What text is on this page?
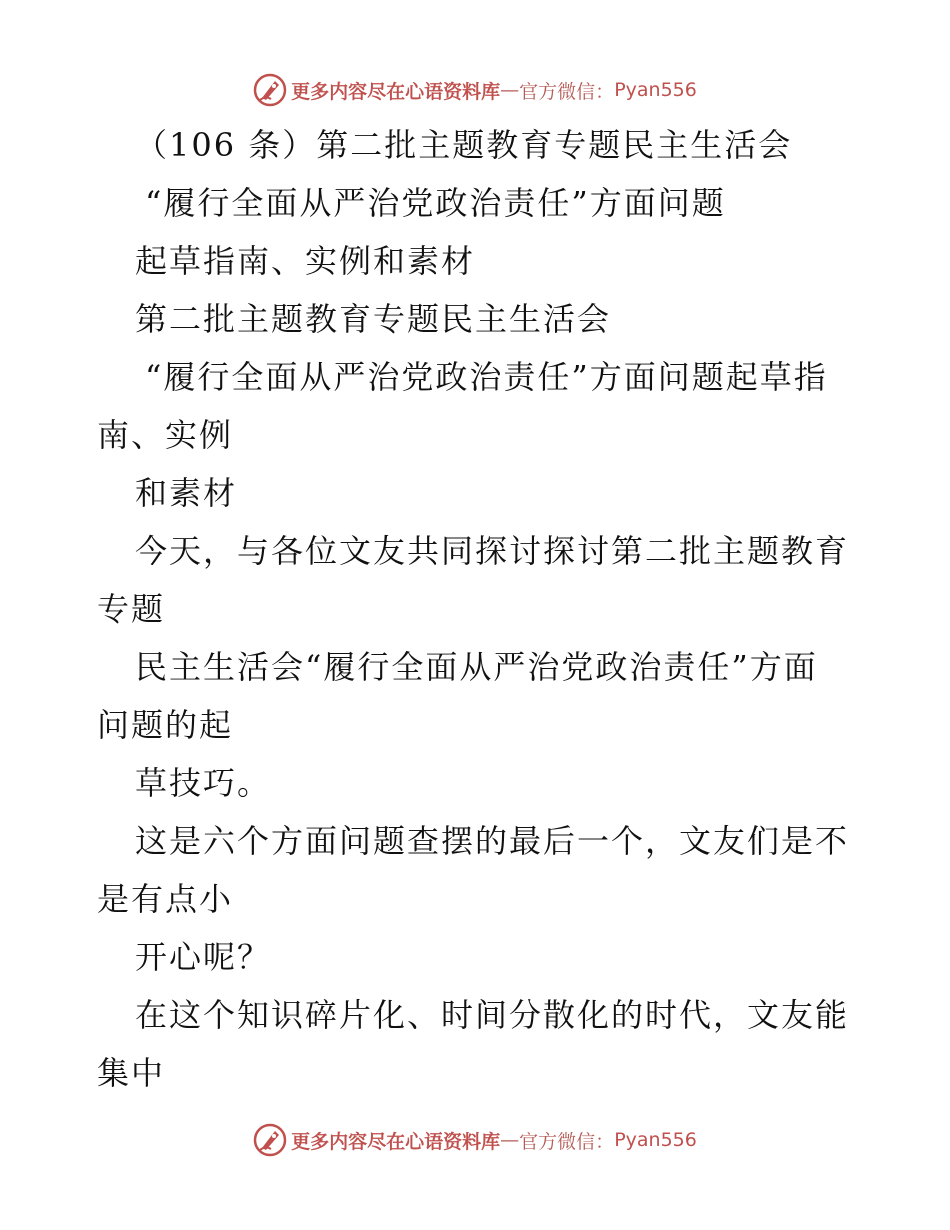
更多内容尽在心语资料库 — 官方微信： Pyan556
（106 条）第二批主题教育专题民主生活会
“履行全面从严治党政治责任”方面问题
起草指南、实例和素材
第二批主题教育专题民主生活会
“履行全面从严治党政治责任”方面问题起草指
南、实例
和素材
今天，与各位文友共同探讨探讨第二批主题教育
专题
民主生活会“履行全面从严治党政治责任”方面
问题的起
草技巧。
这是六个方面问题查摆的最后一个，文友们是不
是有点小
开心呢？
在这个知识碎片化、时间分散化的时代，文友能
集中
更多内容尽在心语资料库 — 官方微信： Pyan556
